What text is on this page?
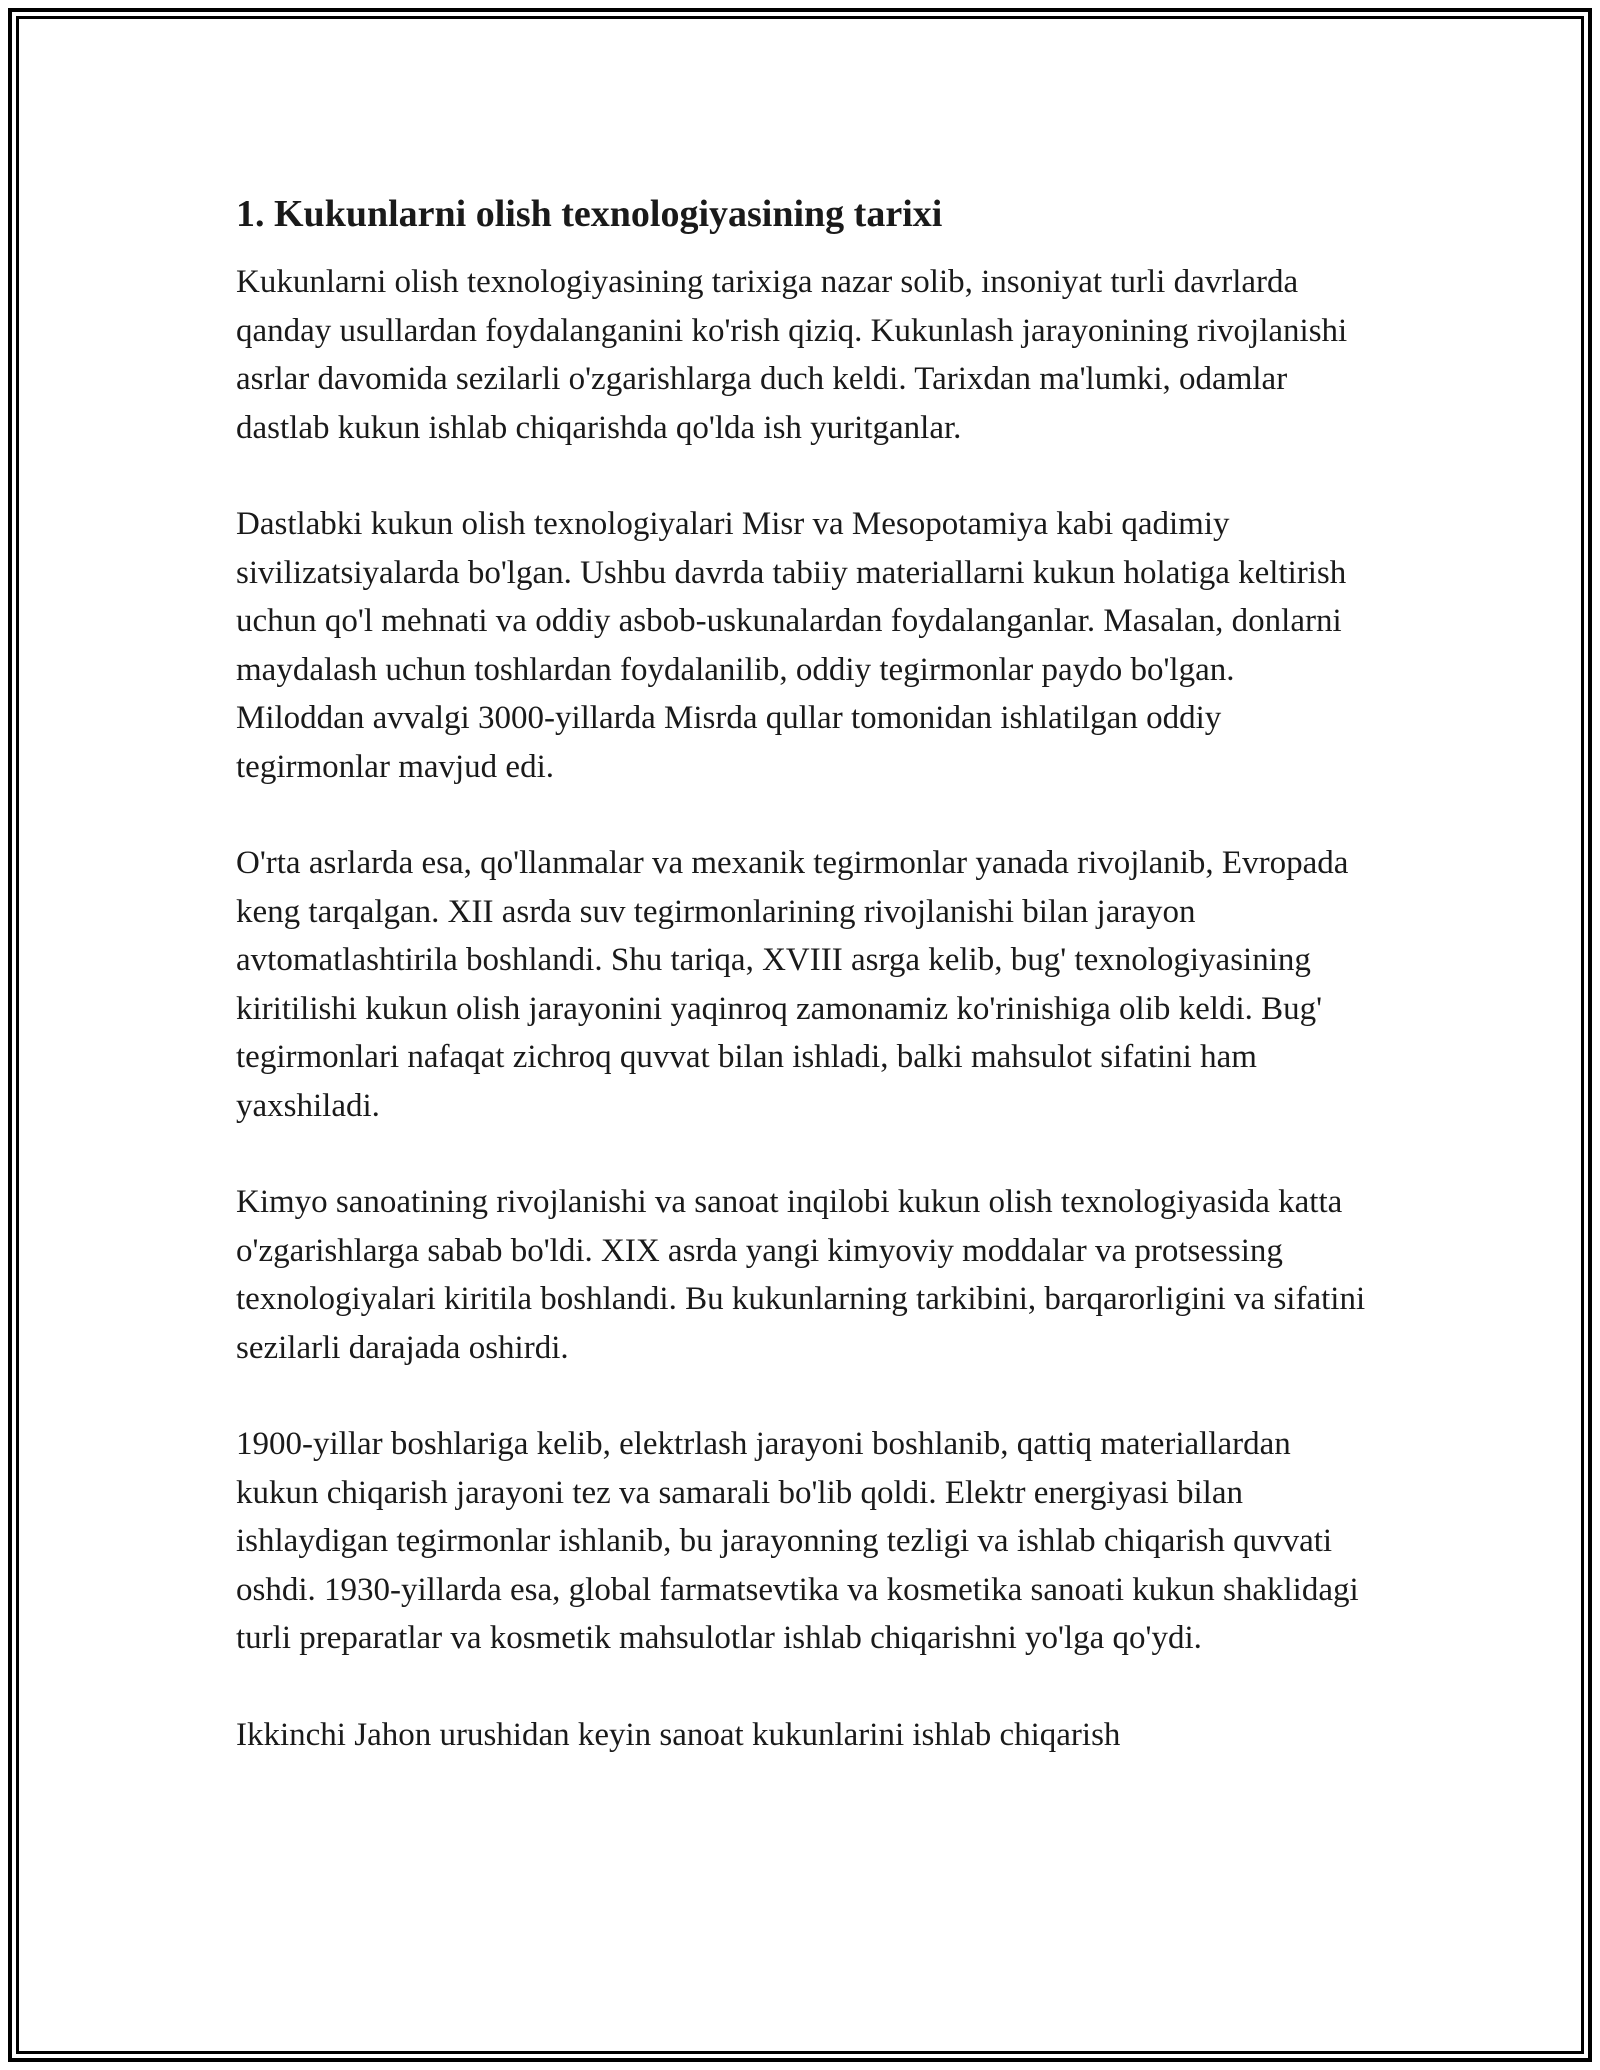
1. Kukunlarni olish texnologiyasining tarixi

Kukunlarni olish texnologiyasining tarixiga nazar solib, insoniyat turli davrlarda qanday usullardan foydalanganini ko'rish qiziq. Kukunlash jarayonining rivojlanishi asrlar davomida sezilarli o'zgarishlarga duch keldi. Tarixdan ma'lumki, odamlar dastlab kukun ishlab chiqarishda qo'lda ish yuritganlar.

Dastlabki kukun olish texnologiyalari Misr va Mesopotamiya kabi qadimiy sivilizatsiyalarda bo'lgan. Ushbu davrda tabiiy materiallarni kukun holatiga keltirish uchun qo'l mehnati va oddiy asbob-uskunalardan foydalanganlar. Masalan, donlarni maydalash uchun toshlardan foydalanilib, oddiy tegirmonlar paydo bo'lgan. Miloddan avvalgi 3000-yillarda Misrda qullar tomonidan ishlatilgan oddiy tegirmonlar mavjud edi.

O'rta asrlarda esa, qo'llanmalar va mexanik tegirmonlar yanada rivojlanib, Evropada keng tarqalgan. XII asrda suv tegirmonlarining rivojlanishi bilan jarayon avtomatlashtirila boshlandi. Shu tariqa, XVIII asrga kelib, bug' texnologiyasining kiritilishi kukun olish jarayonini yaqinroq zamonamiz ko'rinishiga olib keldi. Bug' tegirmonlari nafaqat zichroq quvvat bilan ishladi, balki mahsulot sifatini ham yaxshiladi.

Kimyo sanoatining rivojlanishi va sanoat inqilobi kukun olish texnologiyasida katta o'zgarishlarga sabab bo'ldi. XIX asrda yangi kimyoviy moddalar va protsessing texnologiyalari kiritila boshlandi. Bu kukunlarning tarkibini, barqarorligini va sifatini sezilarli darajada oshirdi.

1900-yillar boshlariga kelib, elektrlash jarayoni boshlanib, qattiq materiallardan kukun chiqarish jarayoni tez va samarali bo'lib qoldi. Elektr energiyasi bilan ishlaydigan tegirmonlar ishlanib, bu jarayonning tezligi va ishlab chiqarish quvvati oshdi. 1930-yillarda esa, global farmatsevtika va kosmetika sanoati kukun shaklidagi turli preparatlar va kosmetik mahsulotlar ishlab chiqarishni yo'lga qo'ydi.

Ikkinchi Jahon urushidan keyin sanoat kukunlarini ishlab chiqarish
